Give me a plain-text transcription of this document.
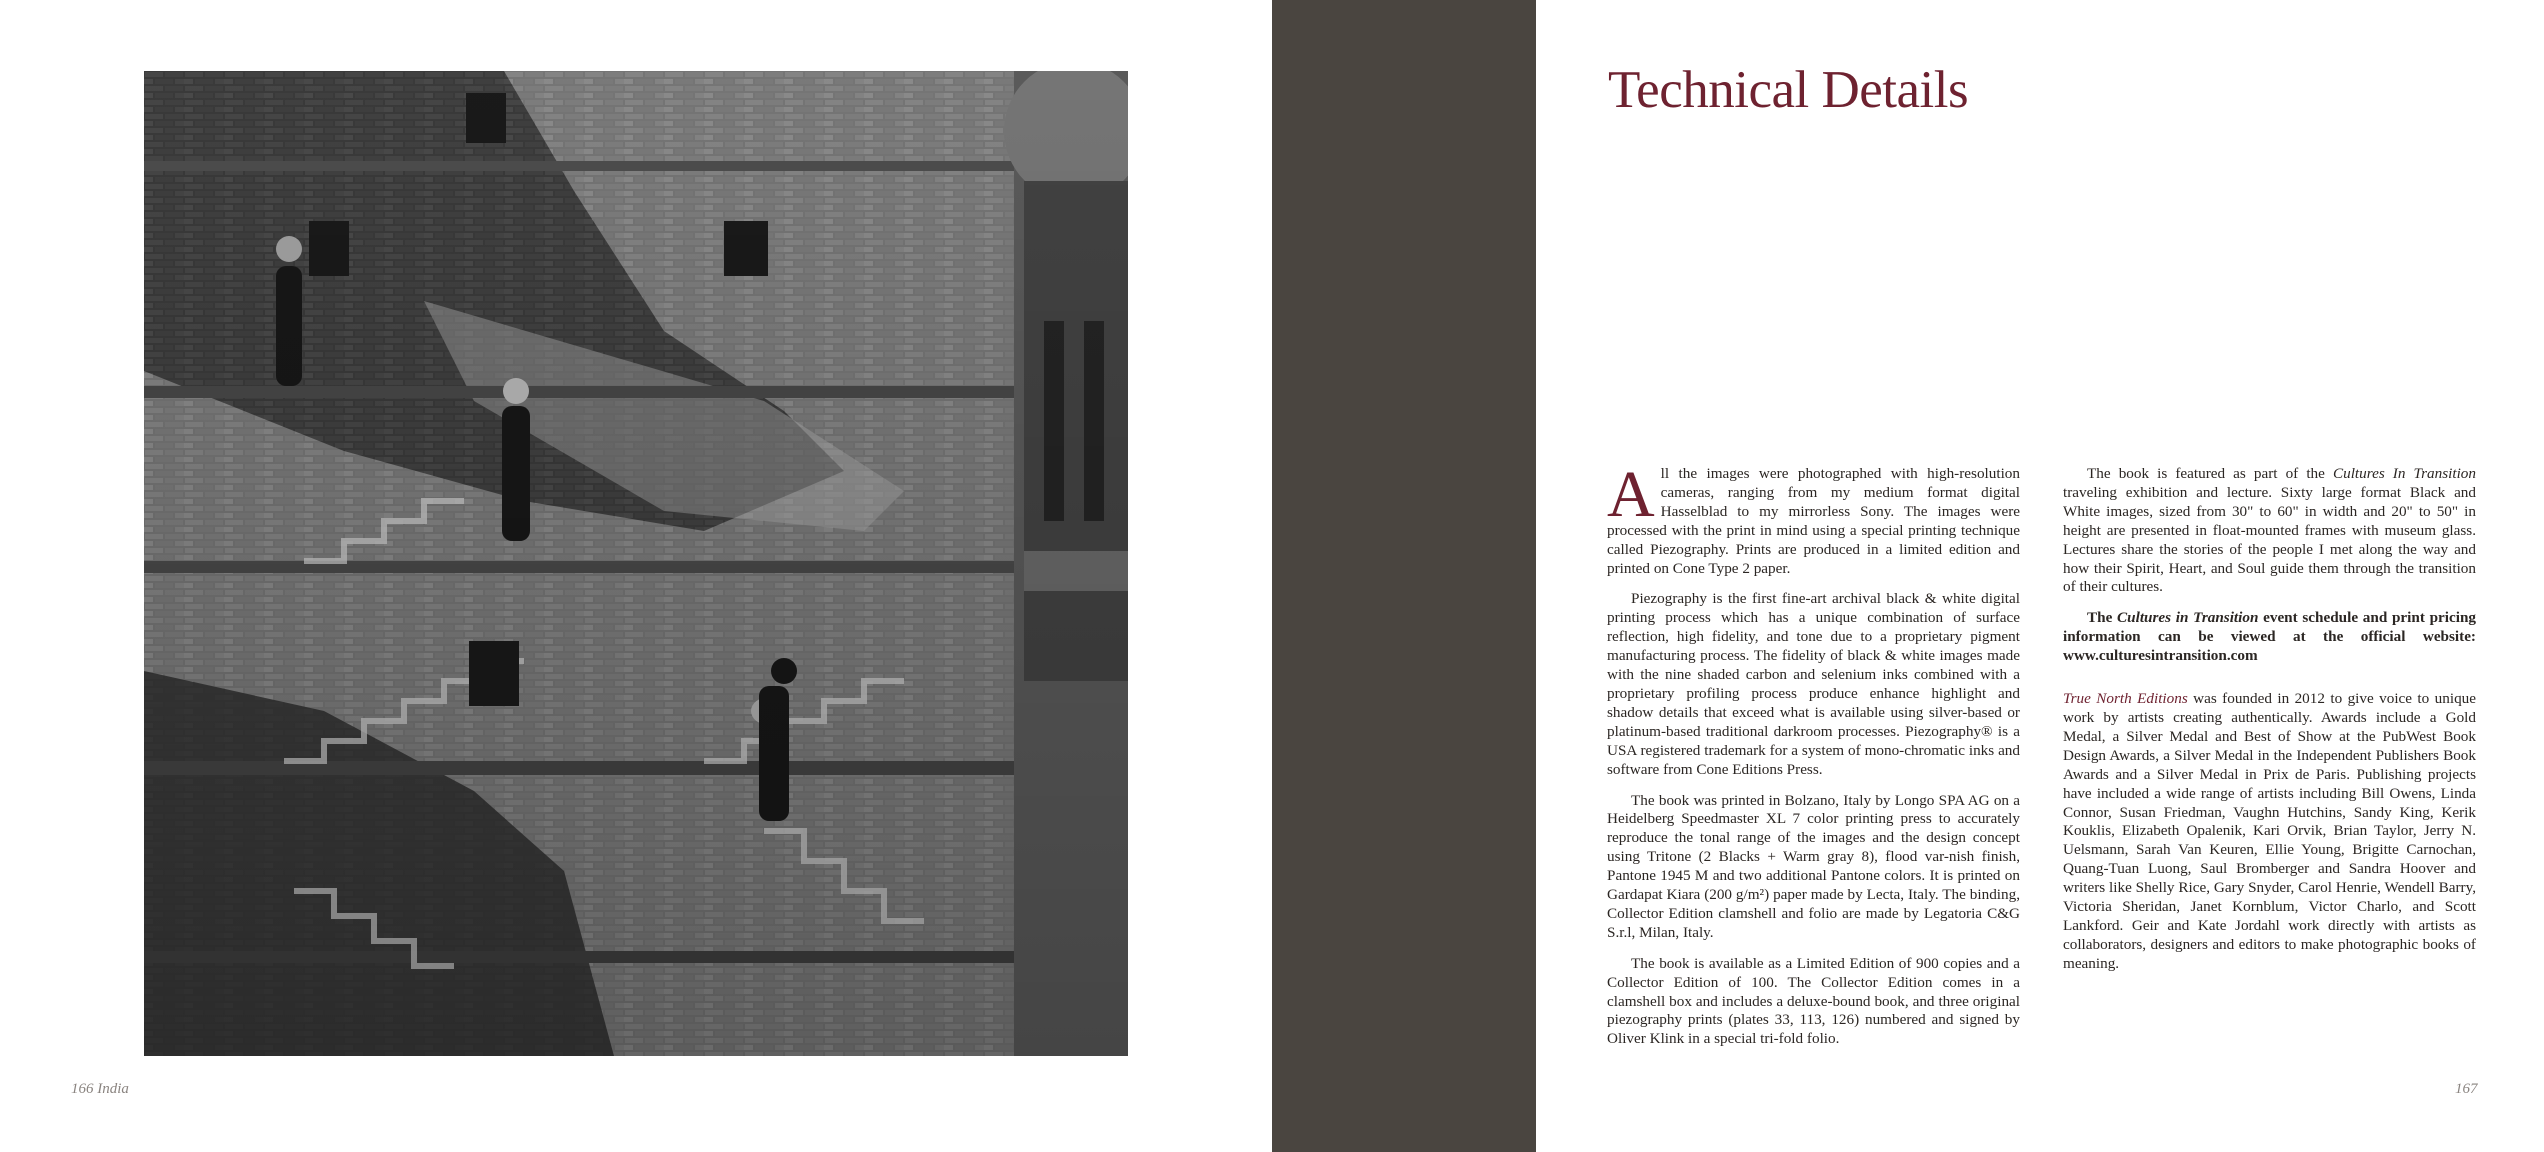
166 India
Technical Details

All the images were photographed with high-resolution cameras, ranging from my medium format digital Hasselblad to my mirrorless Sony. The images were processed with the print in mind using a special printing technique called Piezography. Prints are produced in a limited edition and printed on Cone Type 2 paper.

Piezography is the first fine-art archival black & white digital printing process which has a unique combination of surface reflection, high fidelity, and tone due to a proprietary pigment manufacturing process. The fidelity of black & white images made with the nine shaded carbon and selenium inks combined with a proprietary profiling process produce enhance highlight and shadow details that exceed what is available using silver-based or platinum-based traditional darkroom processes. Piezography® is a USA registered trademark for a system of mono-chromatic inks and software from Cone Editions Press.

The book was printed in Bolzano, Italy by Longo SPA AG on a Heidelberg Speedmaster XL 7 color printing press to accurately reproduce the tonal range of the images and the design concept using Tritone (2 Blacks + Warm gray 8), flood var-nish finish, Pantone 1945 M and two additional Pantone colors. It is printed on Gardapat Kiara (200 g/m²) paper made by Lecta, Italy. The binding, Collector Edition clamshell and folio are made by Legatoria C&G S.r.l, Milan, Italy.

The book is available as a Limited Edition of 900 copies and a Collector Edition of 100. The Collector Edition comes in a clamshell box and includes a deluxe-bound book, and three original piezography prints (plates 33, 113, 126) numbered and signed by Oliver Klink in a special tri-fold folio.

The book is featured as part of the Cultures In Transition traveling exhibition and lecture. Sixty large format Black and White images, sized from 30" to 60" in width and 20" to 50" in height are presented in float-mounted frames with museum glass. Lectures share the stories of the people I met along the way and how their Spirit, Heart, and Soul guide them through the transition of their cultures.

The Cultures in Transition event schedule and print pricing information can be viewed at the official website: www.culturesintransition.com

True North Editions was founded in 2012 to give voice to unique work by artists creating authentically. Awards include a Gold Medal, a Silver Medal and Best of Show at the PubWest Book Design Awards, a Silver Medal in the Independent Publishers Book Awards and a Silver Medal in Prix de Paris. Publishing projects have included a wide range of artists including Bill Owens, Linda Connor, Susan Friedman, Vaughn Hutchins, Sandy King, Kerik Kouklis, Elizabeth Opalenik, Kari Orvik, Brian Taylor, Jerry N. Uelsmann, Sarah Van Keuren, Ellie Young, Brigitte Carnochan, Quang-Tuan Luong, Saul Bromberger and Sandra Hoover and writers like Shelly Rice, Gary Snyder, Carol Henrie, Wendell Barry, Victoria Sheridan, Janet Kornblum, Victor Charlo, and Scott Lankford. Geir and Kate Jordahl work directly with artists as collaborators, designers and editors to make photographic books of meaning.

167
